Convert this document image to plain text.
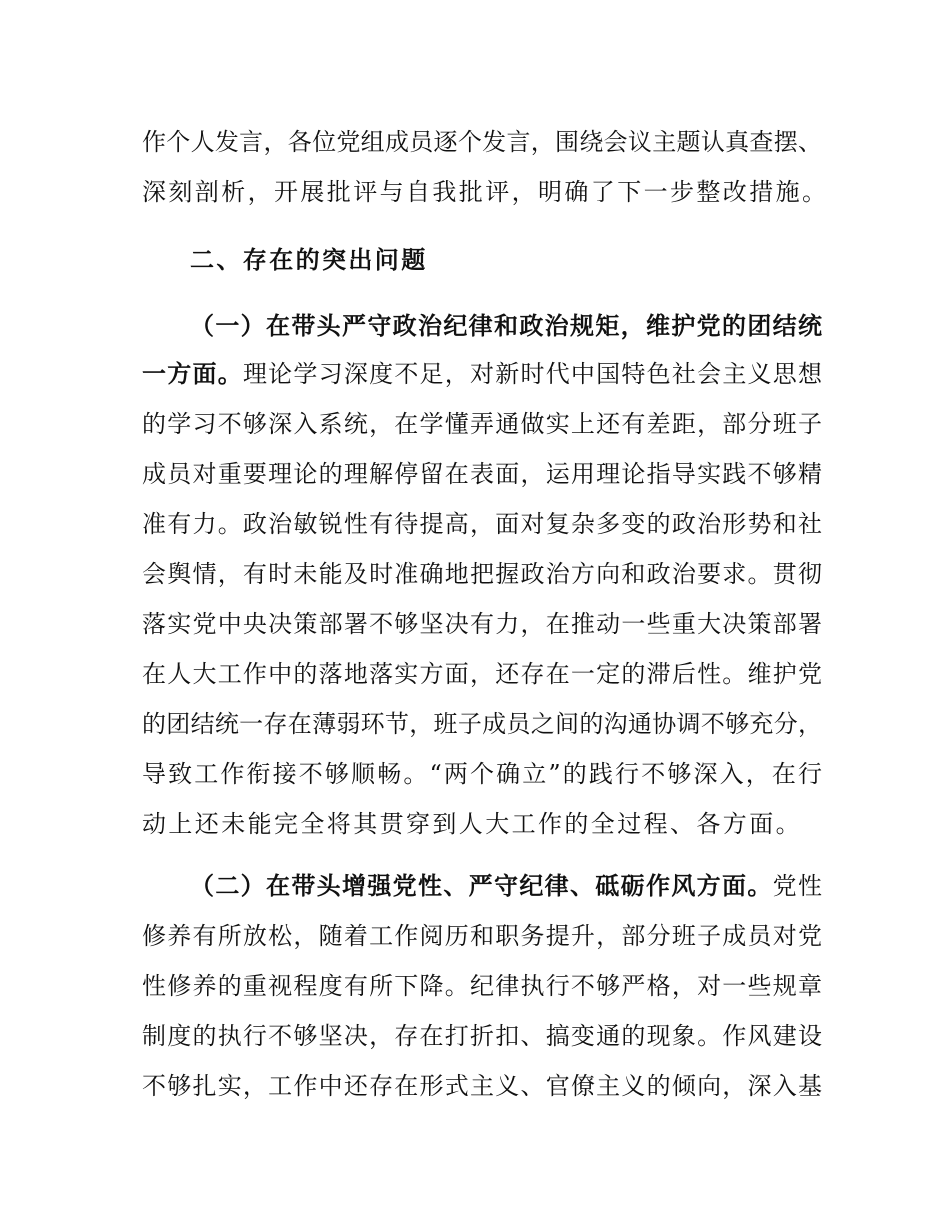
作个人发言，各位党组成员逐个发言，围绕会议主题认真查摆、
深刻剖析，开展批评与自我批评，明确了下一步整改措施。
二、存在的突出问题
（一）在带头严守政治纪律和政治规矩，维护党的团结统
一方面。理论学习深度不足，对新时代中国特色社会主义思想
的学习不够深入系统，在学懂弄通做实上还有差距，部分班子
成员对重要理论的理解停留在表面，运用理论指导实践不够精
准有力。政治敏锐性有待提高，面对复杂多变的政治形势和社
会舆情，有时未能及时准确地把握政治方向和政治要求。贯彻
落实党中央决策部署不够坚决有力，在推动一些重大决策部署
在人大工作中的落地落实方面，还存在一定的滞后性。维护党
的团结统一存在薄弱环节，班子成员之间的沟通协调不够充分，
导致工作衔接不够顺畅。“两个确立”的践行不够深入，在行
动上还未能完全将其贯穿到人大工作的全过程、各方面。
（二）在带头增强党性、严守纪律、砥砺作风方面。党性
修养有所放松，随着工作阅历和职务提升，部分班子成员对党
性修养的重视程度有所下降。纪律执行不够严格，对一些规章
制度的执行不够坚决，存在打折扣、搞变通的现象。作风建设
不够扎实，工作中还存在形式主义、官僚主义的倾向，深入基
